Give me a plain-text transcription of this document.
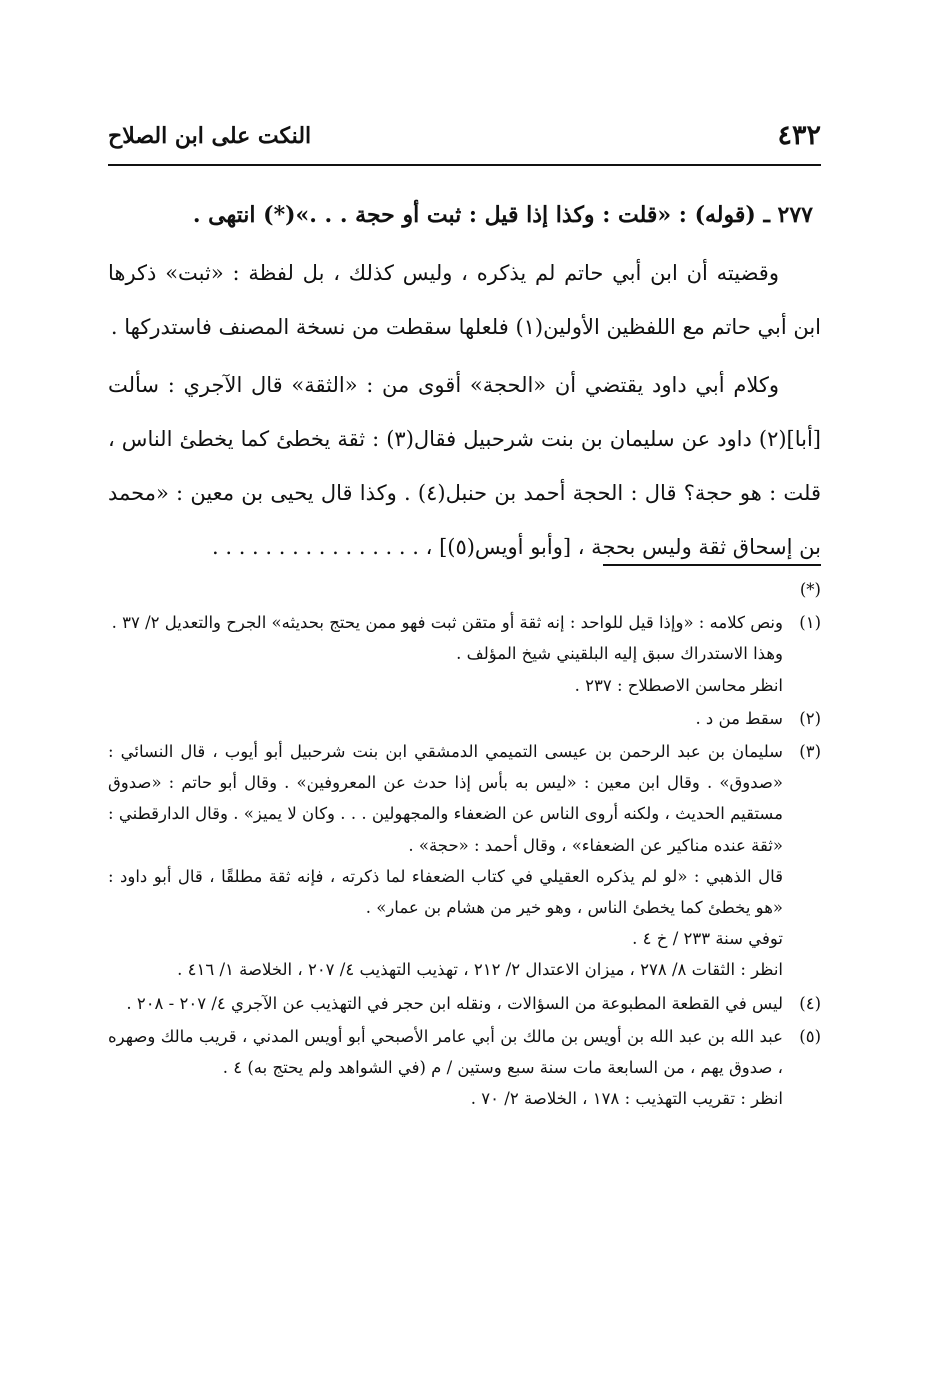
٤٣٢
النكت على ابن الصلاح

٢٧٧ ـ (قوله) : «قلت : وكذا إذا قيل : ثبت أو حجة . . .»(*) انتهى .

وقضيته أن ابن أبي حاتم لم يذكره ، وليس كذلك ، بل لفظة : «ثبت» ذكرها ابن أبي حاتم مع اللفظين الأولين(١) فلعلها سقطت من نسخة المصنف فاستدركها .

وكلام أبي داود يقتضي أن «الحجة» أقوى من : «الثقة» قال الآجري : سألت [أبا](٢) داود عن سليمان بن بنت شرحبيل فقال(٣) : ثقة يخطئ كما يخطئ الناس ، قلت : هو حجة؟ قال : الحجة أحمد بن حنبل(٤) . وكذا قال يحيى بن معين : «محمد بن إسحاق ثقة وليس بحجة ، [وأبو أويس(٥)] ، . . . . . . . . . . . . . . . .

(*)
(١)
ونص كلامه : «وإذا قيل للواحد : إنه ثقة أو متقن ثبت فهو ممن يحتج بحديثه» الجرح والتعديل ٢/ ٣٧ .
وهذا الاستدراك سبق إليه البلقيني شيخ المؤلف .
انظر محاسن الاصطلاح : ٢٣٧ .
(٢)
سقط من د .
(٣)
سليمان بن عبد الرحمن بن عيسى التميمي الدمشقي ابن بنت شرحبيل أبو أيوب ، قال النسائي : «صدوق» . وقال ابن معين : «ليس به بأس إذا حدث عن المعروفين» . وقال أبو حاتم : «صدوق مستقيم الحديث ، ولكنه أروى الناس عن الضعفاء والمجهولين . . . وكان لا يميز» . وقال الدارقطني : «ثقة عنده مناكير عن الضعفاء» ، وقال أحمد : «حجة» .
قال الذهبي : «لو لم يذكره العقيلي في كتاب الضعفاء لما ذكرته ، فإنه ثقة مطلقًا ، قال أبو داود : «هو يخطئ كما يخطئ الناس ، وهو خير من هشام بن عمار» .
توفي سنة ٢٣٣ / خ ٤ .
انظر : الثقات ٨/ ٢٧٨ ، ميزان الاعتدال ٢/ ٢١٢ ، تهذيب التهذيب ٤/ ٢٠٧ ، الخلاصة ١/ ٤١٦ .
(٤)
ليس في القطعة المطبوعة من السؤالات ، ونقله ابن حجر في التهذيب عن الآجري ٤/ ٢٠٧ - ٢٠٨ .
(٥)
عبد الله بن عبد الله بن أويس بن مالك بن أبي عامر الأصبحي أبو أويس المدني ، قريب مالك وصهره ، صدوق يهم ، من السابعة مات سنة سبع وستين / م (في الشواهد ولم يحتج به) ٤ .
انظر : تقريب التهذيب : ١٧٨ ، الخلاصة ٢/ ٧٠ .
